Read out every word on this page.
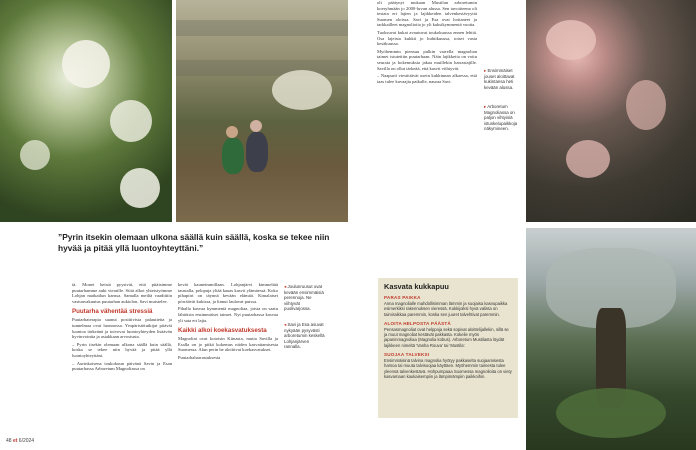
”Pyrin itsekin olemaan ulkona säällä kuin säällä, koska se tekee niin hyvää ja pitää yllä luontoyhteyttäni.”

tä. Monet heistä pyysivät, että pitäisimme puutarhamme auki vieraille. Siitä alkoi yhteistyömme Lohjan matkailun kanssa. Samalla meiltä vaadittiin vastuuvakuutus puutarhan aukiolon, Savi muistelee.

Puutarha vähentää stressiä

Puutarhaterapia saanut positiivisia palautteita ja tunnelmaa ovat luonnossa. Ympäristötutkijat pitävät luontoa tärkeänä ja toivovat luontoyhteyden lisäävän hyvinvointia ja asiakkaan arvostusta.

– Pyrin itsekin olemaan ulkona säällä kuin säällä, koska se tekee niin hyvää ja pitää yllä luontoyhteyttäni.

– Aurinkoisena toukokuun päivänä Savin ja Esan puutarhassa Arboretum Magnoliassa on

kevät kauneimmillaan. Lohjanjärvi kimmeltää taustalla, pelopuja yltää kauas kasvit ylämäessä. Koko pihapiiri on täynnä kevään elämää. Kimalaiset pörräävät kukissa, ja linnut laulavat puissa.

Pihalla kasvaa kymmeniä magnoliaa, joista on saatu lähtöisin ensimmäiset taimet. Nyt puutarhassa kasvaa yli sata eri lajia.

Kaikki alkoi koekasvatuksesta

Magnoliat ovat kotoisin Kiinasta, mutta Savilla ja Esalla on jo pitkä kokemus niiden kasvattamisesta Suomessa. Alun perin he aloittivat koekasvatukset.

Puutarhaharrastuksesta

oli päätynyt mukaan Mustilan arboretumin koeryhmään jo 2000-luvun alussa. Sen tavoitteena oli testata eri lajien ja lajikkeiden talvenkestävyyttä Suomen oloissa. Savi ja Esa ovat hoitaneet ja tarkkailleet magnolioita jo yli kaksikymmentä vuotta.

Tuoksuvat kukat avautuvat toukokuussa ennen lehtiä. Osa lajeista kukkii jo huhtikuussa, toiset vasta kesäkuussa.

Myöhemmin piensuu pulkin varrella magnolian taimet istutettiin puutarhaan. Näin lajikkeita on voitu seurata ja kokemuksia jakaa muillekin harrastajille. Savilla on ollut tärkeää, että kasvit viihtyvät.

– Naapurit viestittävät usein kukkinnan alkaessa, että taas tulee kuvaajia paikalle, nauraa Savi.

◂ Joulunruusut ovat kevään ensimmäisiä perennoja. Ne viihtyvät puolivarjossa.
◂ Savi ja Esa asuvat nykyään pysyvästi arboretumin keskellä Lohjanjärven rannalla.
▸ Ensimmäiset jouset aloittavat kukintansa heti kevään alussa.
▸ Arboretum Magnoliassa on paljon vihtyisiä istuskelupaikkoja näkymineen.
Kasvata kukkapuu
PARAS PAIKKA

Anna magnolialle mahdollisimman lämmin ja suojaisa kasvupaikka esimerkiksi rakennuksen vieressä. Kukkijoiksi hyvä valinta on taimiraikkaa paremmin, koska sen juuret talvehtivat paremmin.

ALOITA HELPOSTA PÄÄSTÄ

Pensasmagnoliat ovat helppoja sekä sopivat aloittelijallekin, sillä se ja muut magnoliat kestävät pakkasta. Kokeile myös japaninmagnoliaa (Magnolia kobus). Arboretum Mustilasta löydät lajikkeen nimeltä 'Vanha Rouva' tai 'Mustila'.

SUOJAA TALVEKSI

Ensimmäisinä talvina magnolia hyötyy pakkaselta suojaamisesta harsoa tai muuta talvisuojaa käyttäen. Myöhemmin taimesta tulee yleensä talvenkestävä. Hohpumpaaa Suomessa magnolioita on viety kasvamaan kaukaisempiin ja lämpimämpiin paikkoihin.

48 et 6/2024
